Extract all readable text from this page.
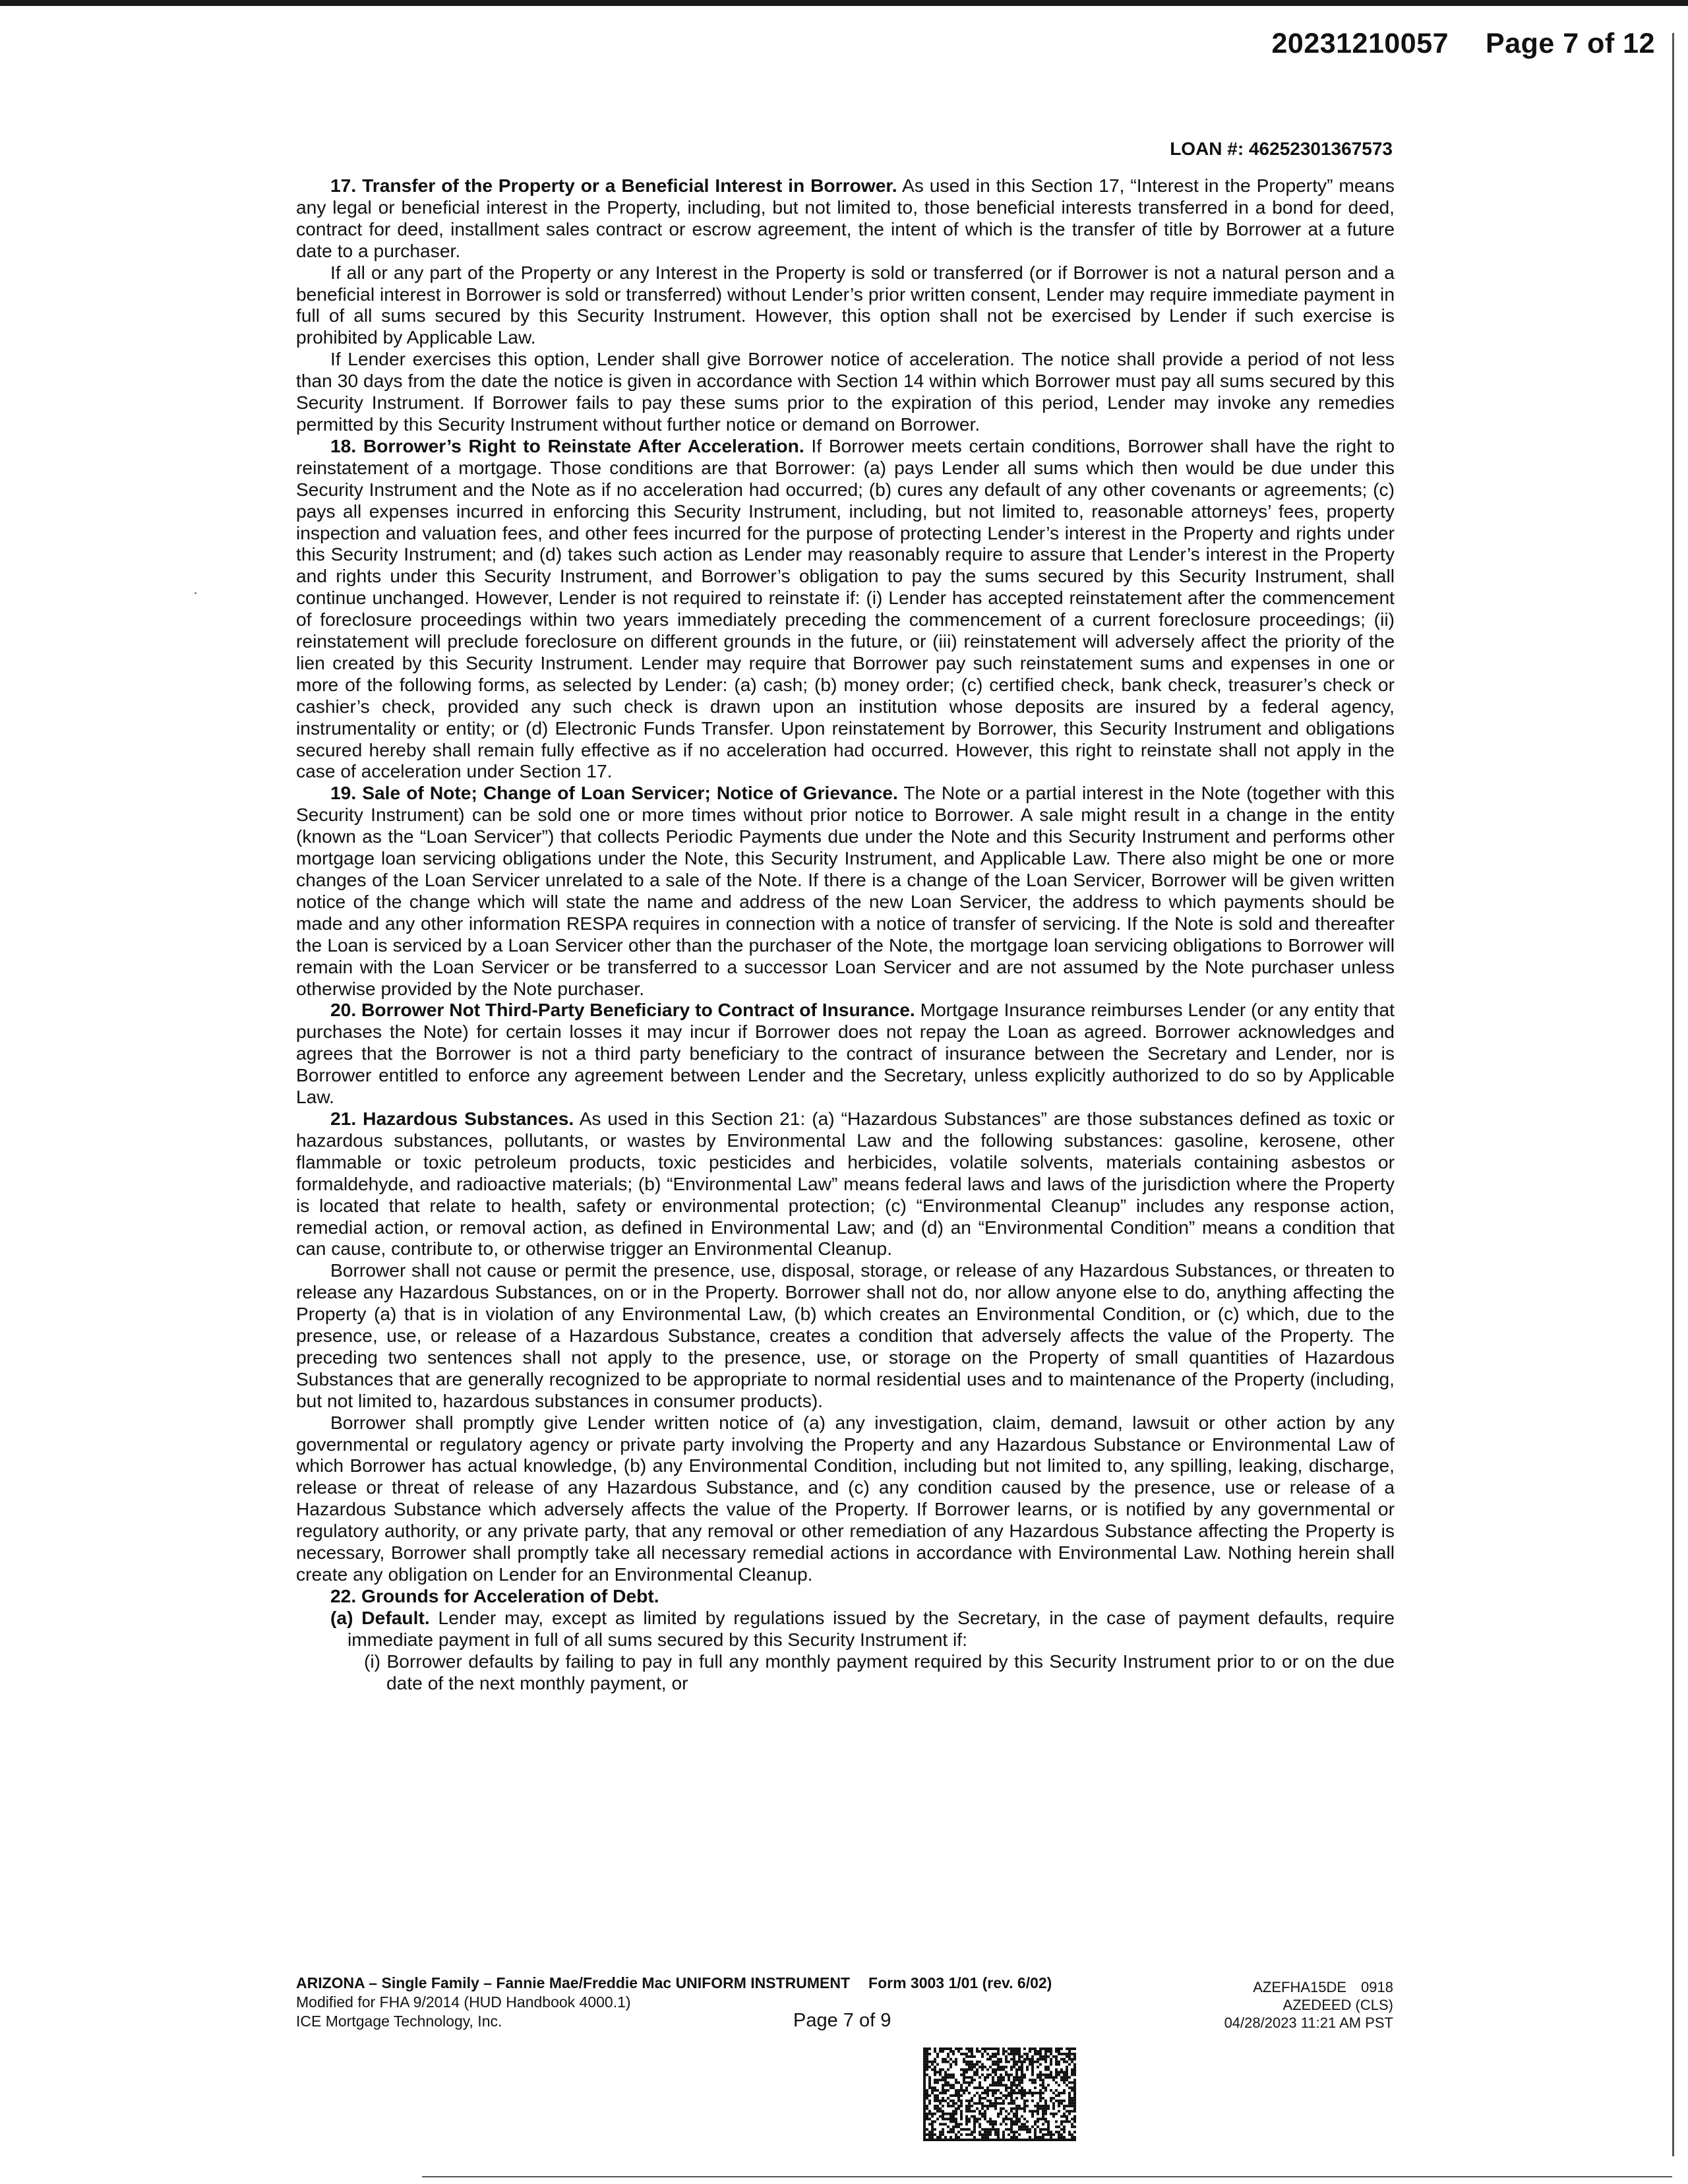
20231210057 Page 7 of 12
LOAN #: 46252301367573

17. Transfer of the Property or a Beneficial Interest in Borrower. As used in this Section 17, “Interest in the Property” means any legal or beneficial interest in the Property, including, but not limited to, those beneficial interests transferred in a bond for deed, contract for deed, installment sales contract or escrow agreement, the intent of which is the transfer of title by Borrower at a future date to a purchaser.

If all or any part of the Property or any Interest in the Property is sold or transferred (or if Borrower is not a natural person and a beneficial interest in Borrower is sold or transferred) without Lender’s prior written consent, Lender may require immediate payment in full of all sums secured by this Security Instrument. However, this option shall not be exercised by Lender if such exercise is prohibited by Applicable Law.

If Lender exercises this option, Lender shall give Borrower notice of acceleration. The notice shall provide a period of not less than 30 days from the date the notice is given in accordance with Section 14 within which Borrower must pay all sums secured by this Security Instrument. If Borrower fails to pay these sums prior to the expiration of this period, Lender may invoke any remedies permitted by this Security Instrument without further notice or demand on Borrower.

18. Borrower’s Right to Reinstate After Acceleration. If Borrower meets certain conditions, Borrower shall have the right to reinstatement of a mortgage. Those conditions are that Borrower: (a) pays Lender all sums which then would be due under this Security Instrument and the Note as if no acceleration had occurred; (b) cures any default of any other covenants or agreements; (c) pays all expenses incurred in enforcing this Security Instrument, including, but not limited to, reasonable attorneys’ fees, property inspection and valuation fees, and other fees incurred for the purpose of protecting Lender’s interest in the Property and rights under this Security Instrument; and (d) takes such action as Lender may reasonably require to assure that Lender’s interest in the Property and rights under this Security Instrument, and Borrower’s obligation to pay the sums secured by this Security Instrument, shall continue unchanged. However, Lender is not required to reinstate if: (i) Lender has accepted reinstatement after the commencement of foreclosure proceedings within two years immediately preceding the commencement of a current foreclosure proceedings; (ii) reinstatement will preclude foreclosure on different grounds in the future, or (iii) reinstatement will adversely affect the priority of the lien created by this Security Instrument. Lender may require that Borrower pay such reinstatement sums and expenses in one or more of the following forms, as selected by Lender: (a) cash; (b) money order; (c) certified check, bank check, treasurer’s check or cashier’s check, provided any such check is drawn upon an institution whose deposits are insured by a federal agency, instrumentality or entity; or (d) Electronic Funds Transfer. Upon reinstatement by Borrower, this Security Instrument and obligations secured hereby shall remain fully effective as if no acceleration had occurred. However, this right to reinstate shall not apply in the case of acceleration under Section 17.

19. Sale of Note; Change of Loan Servicer; Notice of Grievance. The Note or a partial interest in the Note (together with this Security Instrument) can be sold one or more times without prior notice to Borrower. A sale might result in a change in the entity (known as the “Loan Servicer”) that collects Periodic Payments due under the Note and this Security Instrument and performs other mortgage loan servicing obligations under the Note, this Security Instrument, and Applicable Law. There also might be one or more changes of the Loan Servicer unrelated to a sale of the Note. If there is a change of the Loan Servicer, Borrower will be given written notice of the change which will state the name and address of the new Loan Servicer, the address to which payments should be made and any other information RESPA requires in connection with a notice of transfer of servicing. If the Note is sold and thereafter the Loan is serviced by a Loan Servicer other than the purchaser of the Note, the mortgage loan servicing obligations to Borrower will remain with the Loan Servicer or be transferred to a successor Loan Servicer and are not assumed by the Note purchaser unless otherwise provided by the Note purchaser.

20. Borrower Not Third-Party Beneficiary to Contract of Insurance. Mortgage Insurance reimburses Lender (or any entity that purchases the Note) for certain losses it may incur if Borrower does not repay the Loan as agreed. Borrower acknowledges and agrees that the Borrower is not a third party beneficiary to the contract of insurance between the Secretary and Lender, nor is Borrower entitled to enforce any agreement between Lender and the Secretary, unless explicitly authorized to do so by Applicable Law.

21. Hazardous Substances. As used in this Section 21: (a) “Hazardous Substances” are those substances defined as toxic or hazardous substances, pollutants, or wastes by Environmental Law and the following substances: gasoline, kerosene, other flammable or toxic petroleum products, toxic pesticides and herbicides, volatile solvents, materials containing asbestos or formaldehyde, and radioactive materials; (b) “Environmental Law” means federal laws and laws of the jurisdiction where the Property is located that relate to health, safety or environmental protection; (c) “Environmental Cleanup” includes any response action, remedial action, or removal action, as defined in Environmental Law; and (d) an “Environmental Condition” means a condition that can cause, contribute to, or otherwise trigger an Environmental Cleanup.

Borrower shall not cause or permit the presence, use, disposal, storage, or release of any Hazardous Substances, or threaten to release any Hazardous Substances, on or in the Property. Borrower shall not do, nor allow anyone else to do, anything affecting the Property (a) that is in violation of any Environmental Law, (b) which creates an Environmental Condition, or (c) which, due to the presence, use, or release of a Hazardous Substance, creates a condition that adversely affects the value of the Property. The preceding two sentences shall not apply to the presence, use, or storage on the Property of small quantities of Hazardous Substances that are generally recognized to be appropriate to normal residential uses and to maintenance of the Property (including, but not limited to, hazardous substances in consumer products).

Borrower shall promptly give Lender written notice of (a) any investigation, claim, demand, lawsuit or other action by any governmental or regulatory agency or private party involving the Property and any Hazardous Substance or Environmental Law of which Borrower has actual knowledge, (b) any Environmental Condition, including but not limited to, any spilling, leaking, discharge, release or threat of release of any Hazardous Substance, and (c) any condition caused by the presence, use or release of a Hazardous Substance which adversely affects the value of the Property. If Borrower learns, or is notified by any governmental or regulatory authority, or any private party, that any removal or other remediation of any Hazardous Substance affecting the Property is necessary, Borrower shall promptly take all necessary remedial actions in accordance with Environmental Law. Nothing herein shall create any obligation on Lender for an Environmental Cleanup.

22. Grounds for Acceleration of Debt.

(a) Default. Lender may, except as limited by regulations issued by the Secretary, in the case of payment defaults, require immediate payment in full of all sums secured by this Security Instrument if:

(i) Borrower defaults by failing to pay in full any monthly payment required by this Security Instrument prior to or on the due date of the next monthly payment, or

ARIZONA – Single Family – Fannie Mae/Freddie Mac UNIFORM INSTRUMENT Form 3003 1/01 (rev. 6/02)
Modified for FHA 9/2014 (HUD Handbook 4000.1)
ICE Mortgage Technology, Inc.	Page 7 of 9
AZEFHA15DE 0918
AZEDEED (CLS)
04/28/2023 11:21 AM PST
